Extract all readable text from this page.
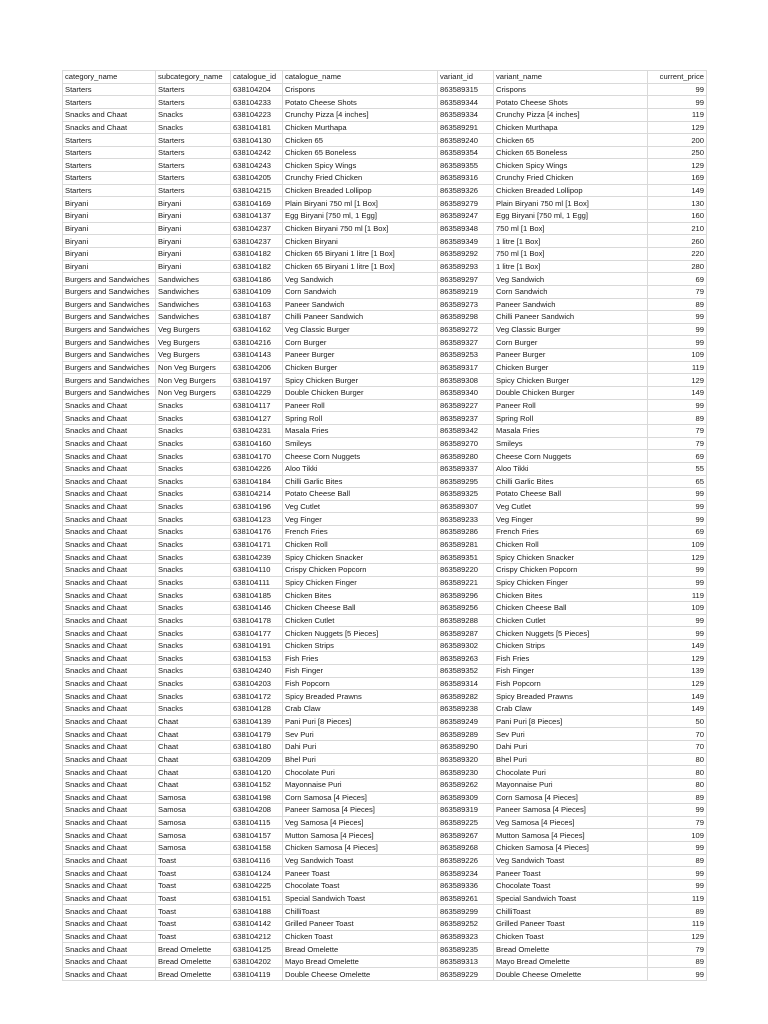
category_name	subcategory_name	catalogue_id	catalogue_name	variant_id	variant_name	current_price
Starters	Starters	638104204	Crispons	863589315	Crispons	99
Starters	Starters	638104233	Potato Cheese Shots	863589344	Potato Cheese Shots	99
Snacks and Chaat	Snacks	638104223	Crunchy Pizza [4 inches]	863589334	Crunchy Pizza [4 inches]	119
Snacks and Chaat	Snacks	638104181	Chicken Murthapa	863589291	Chicken Murthapa	129
Starters	Starters	638104130	Chicken 65	863589240	Chicken 65	200
Starters	Starters	638104242	Chicken 65 Boneless	863589354	Chicken 65 Boneless	250
Starters	Starters	638104243	Chicken Spicy Wings	863589355	Chicken Spicy Wings	129
Starters	Starters	638104205	Crunchy Fried Chicken	863589316	Crunchy Fried Chicken	169
Starters	Starters	638104215	Chicken Breaded Lollipop	863589326	Chicken Breaded Lollipop	149
Biryani	Biryani	638104169	Plain Biryani 750 ml [1 Box]	863589279	Plain Biryani 750 ml [1 Box]	130
Biryani	Biryani	638104137	Egg Biryani [750 ml, 1 Egg]	863589247	Egg Biryani [750 ml, 1 Egg]	160
Biryani	Biryani	638104237	Chicken Biryani 750 ml [1 Box]	863589348	750 ml [1 Box]	210
Biryani	Biryani	638104237	Chicken Biryani	863589349	1 litre [1 Box]	260
Biryani	Biryani	638104182	Chicken 65 Biryani 1 litre [1 Box]	863589292	750 ml [1 Box]	220
Biryani	Biryani	638104182	Chicken 65 Biryani 1 litre [1 Box]	863589293	1 litre [1 Box]	280
Burgers and Sandwiches	Sandwiches	638104186	Veg Sandwich	863589297	Veg Sandwich	69
Burgers and Sandwiches	Sandwiches	638104109	Corn Sandwich	863589219	Corn Sandwich	79
Burgers and Sandwiches	Sandwiches	638104163	Paneer Sandwich	863589273	Paneer Sandwich	89
Burgers and Sandwiches	Sandwiches	638104187	Chilli Paneer Sandwich	863589298	Chilli Paneer Sandwich	99
Burgers and Sandwiches	Veg Burgers	638104162	Veg Classic Burger	863589272	Veg Classic Burger	99
Burgers and Sandwiches	Veg Burgers	638104216	Corn Burger	863589327	Corn Burger	99
Burgers and Sandwiches	Veg Burgers	638104143	Paneer Burger	863589253	Paneer Burger	109
Burgers and Sandwiches	Non Veg Burgers	638104206	Chicken Burger	863589317	Chicken Burger	119
Burgers and Sandwiches	Non Veg Burgers	638104197	Spicy Chicken Burger	863589308	Spicy Chicken Burger	129
Burgers and Sandwiches	Non Veg Burgers	638104229	Double Chicken Burger	863589340	Double Chicken Burger	149
Snacks and Chaat	Snacks	638104117	Paneer Roll	863589227	Paneer Roll	99
Snacks and Chaat	Snacks	638104127	Spring Roll	863589237	Spring Roll	89
Snacks and Chaat	Snacks	638104231	Masala Fries	863589342	Masala Fries	79
Snacks and Chaat	Snacks	638104160	Smileys	863589270	Smileys	79
Snacks and Chaat	Snacks	638104170	Cheese Corn Nuggets	863589280	Cheese Corn Nuggets	69
Snacks and Chaat	Snacks	638104226	Aloo Tikki	863589337	Aloo Tikki	55
Snacks and Chaat	Snacks	638104184	Chilli Garlic Bites	863589295	Chilli Garlic Bites	65
Snacks and Chaat	Snacks	638104214	Potato Cheese Ball	863589325	Potato Cheese Ball	99
Snacks and Chaat	Snacks	638104196	Veg Cutlet	863589307	Veg Cutlet	99
Snacks and Chaat	Snacks	638104123	Veg Finger	863589233	Veg Finger	99
Snacks and Chaat	Snacks	638104176	French Fries	863589286	French Fries	69
Snacks and Chaat	Snacks	638104171	Chicken Roll	863589281	Chicken Roll	109
Snacks and Chaat	Snacks	638104239	Spicy Chicken Snacker	863589351	Spicy Chicken Snacker	129
Snacks and Chaat	Snacks	638104110	Crispy Chicken Popcorn	863589220	Crispy Chicken Popcorn	99
Snacks and Chaat	Snacks	638104111	Spicy Chicken Finger	863589221	Spicy Chicken Finger	99
Snacks and Chaat	Snacks	638104185	Chicken Bites	863589296	Chicken Bites	119
Snacks and Chaat	Snacks	638104146	Chicken Cheese Ball	863589256	Chicken Cheese Ball	109
Snacks and Chaat	Snacks	638104178	Chicken Cutlet	863589288	Chicken Cutlet	99
Snacks and Chaat	Snacks	638104177	Chicken Nuggets [5 Pieces]	863589287	Chicken Nuggets [5 Pieces]	99
Snacks and Chaat	Snacks	638104191	Chicken Strips	863589302	Chicken Strips	149
Snacks and Chaat	Snacks	638104153	Fish Fries	863589263	Fish Fries	129
Snacks and Chaat	Snacks	638104240	Fish Finger	863589352	Fish Finger	139
Snacks and Chaat	Snacks	638104203	Fish Popcorn	863589314	Fish Popcorn	129
Snacks and Chaat	Snacks	638104172	Spicy Breaded Prawns	863589282	Spicy Breaded Prawns	149
Snacks and Chaat	Snacks	638104128	Crab Claw	863589238	Crab Claw	149
Snacks and Chaat	Chaat	638104139	Pani Puri [8 Pieces]	863589249	Pani Puri [8 Pieces]	50
Snacks and Chaat	Chaat	638104179	Sev Puri	863589289	Sev Puri	70
Snacks and Chaat	Chaat	638104180	Dahi Puri	863589290	Dahi Puri	70
Snacks and Chaat	Chaat	638104209	Bhel Puri	863589320	Bhel Puri	80
Snacks and Chaat	Chaat	638104120	Chocolate Puri	863589230	Chocolate Puri	80
Snacks and Chaat	Chaat	638104152	Mayonnaise Puri	863589262	Mayonnaise Puri	80
Snacks and Chaat	Samosa	638104198	Corn Samosa [4 Pieces]	863589309	Corn Samosa [4 Pieces]	89
Snacks and Chaat	Samosa	638104208	Paneer Samosa [4 Pieces]	863589319	Paneer Samosa [4 Pieces]	99
Snacks and Chaat	Samosa	638104115	Veg Samosa [4 Pieces]	863589225	Veg Samosa [4 Pieces]	79
Snacks and Chaat	Samosa	638104157	Mutton Samosa [4 Pieces]	863589267	Mutton Samosa [4 Pieces]	109
Snacks and Chaat	Samosa	638104158	Chicken Samosa [4 Pieces]	863589268	Chicken Samosa [4 Pieces]	99
Snacks and Chaat	Toast	638104116	Veg Sandwich Toast	863589226	Veg Sandwich Toast	89
Snacks and Chaat	Toast	638104124	Paneer Toast	863589234	Paneer Toast	99
Snacks and Chaat	Toast	638104225	Chocolate Toast	863589336	Chocolate Toast	99
Snacks and Chaat	Toast	638104151	Special Sandwich Toast	863589261	Special Sandwich Toast	119
Snacks and Chaat	Toast	638104188	ChilliToast	863589299	ChilliToast	89
Snacks and Chaat	Toast	638104142	Grilled Paneer Toast	863589252	Grilled Paneer Toast	119
Snacks and Chaat	Toast	638104212	Chicken Toast	863589323	Chicken Toast	129
Snacks and Chaat	Bread Omelette	638104125	Bread Omelette	863589235	Bread Omelette	79
Snacks and Chaat	Bread Omelette	638104202	Mayo Bread Omelette	863589313	Mayo Bread Omelette	89
Snacks and Chaat	Bread Omelette	638104119	Double Cheese Omelette	863589229	Double Cheese Omelette	99
